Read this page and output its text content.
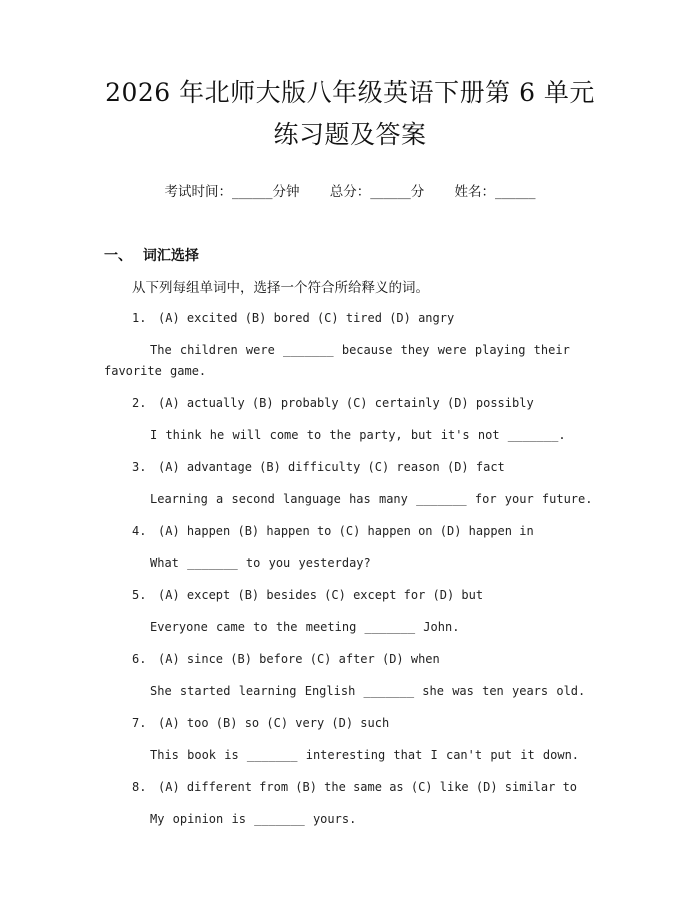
2026 年北师大版八年级英语下册第 6 单元练习题及答案
考试时间：______分钟 总分：______分 姓名：______
一、 词汇选择
从下列每组单词中，选择一个符合所给释义的词。
1. (A) excited (B) bored (C) tired (D) angry
The children were _______ because they were playing their favorite game.
2. (A) actually (B) probably (C) certainly (D) possibly
I think he will come to the party, but it's not _______.
3. (A) advantage (B) difficulty (C) reason (D) fact
Learning a second language has many _______ for your future.
4. (A) happen (B) happen to (C) happen on (D) happen in
What _______ to you yesterday?
5. (A) except (B) besides (C) except for (D) but
Everyone came to the meeting _______ John.
6. (A) since (B) before (C) after (D) when
She started learning English _______ she was ten years old.
7. (A) too (B) so (C) very (D) such
This book is _______ interesting that I can't put it down.
8. (A) different from (B) the same as (C) like (D) similar to
My opinion is _______ yours.
